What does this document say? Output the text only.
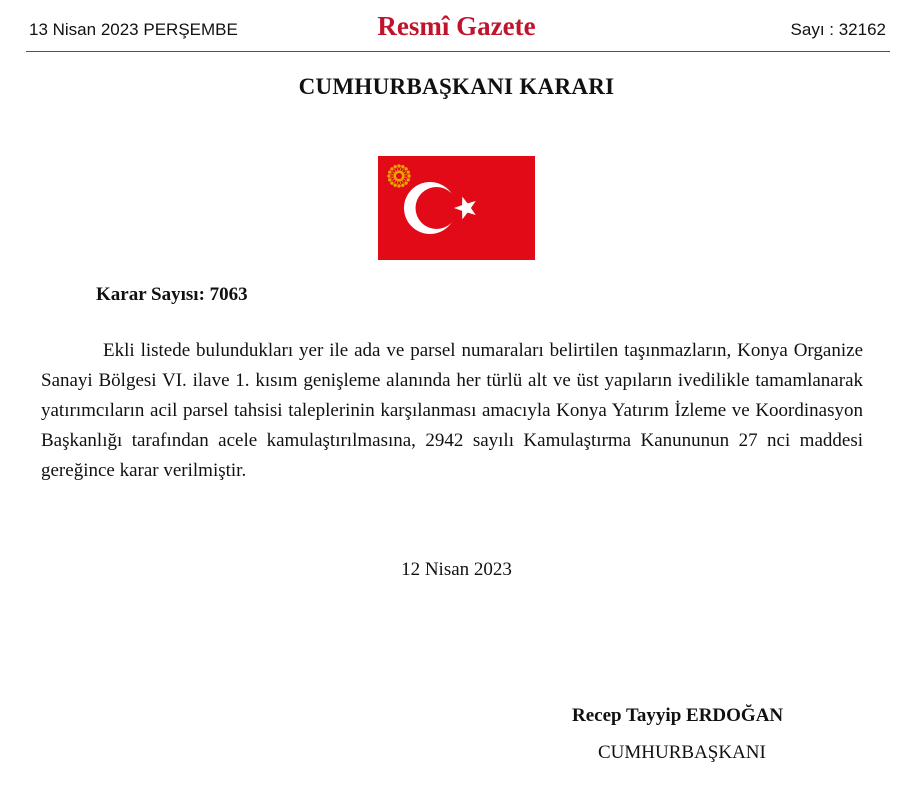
13 Nisan 2023 PERŞEMBE	Resmî Gazete	Sayı : 32162
CUMHURBAŞKANI KARARI
Karar Sayısı: 7063
Ekli listede bulundukları yer ile ada ve parsel numaraları belirtilen taşınmazların, Konya Organize Sanayi Bölgesi VI. ilave 1. kısım genişleme alanında her türlü alt ve üst yapıların ivedilikle tamamlanarak yatırımcıların acil parsel tahsisi taleplerinin karşılanması amacıyla Konya Yatırım İzleme ve Koordinasyon Başkanlığı tarafından acele kamulaştırılmasına, 2942 sayılı Kamulaştırma Kanununun 27 nci maddesi gereğince karar verilmiştir.
12 Nisan 2023
Recep Tayyip ERDOĞAN
CUMHURBAŞKANI
